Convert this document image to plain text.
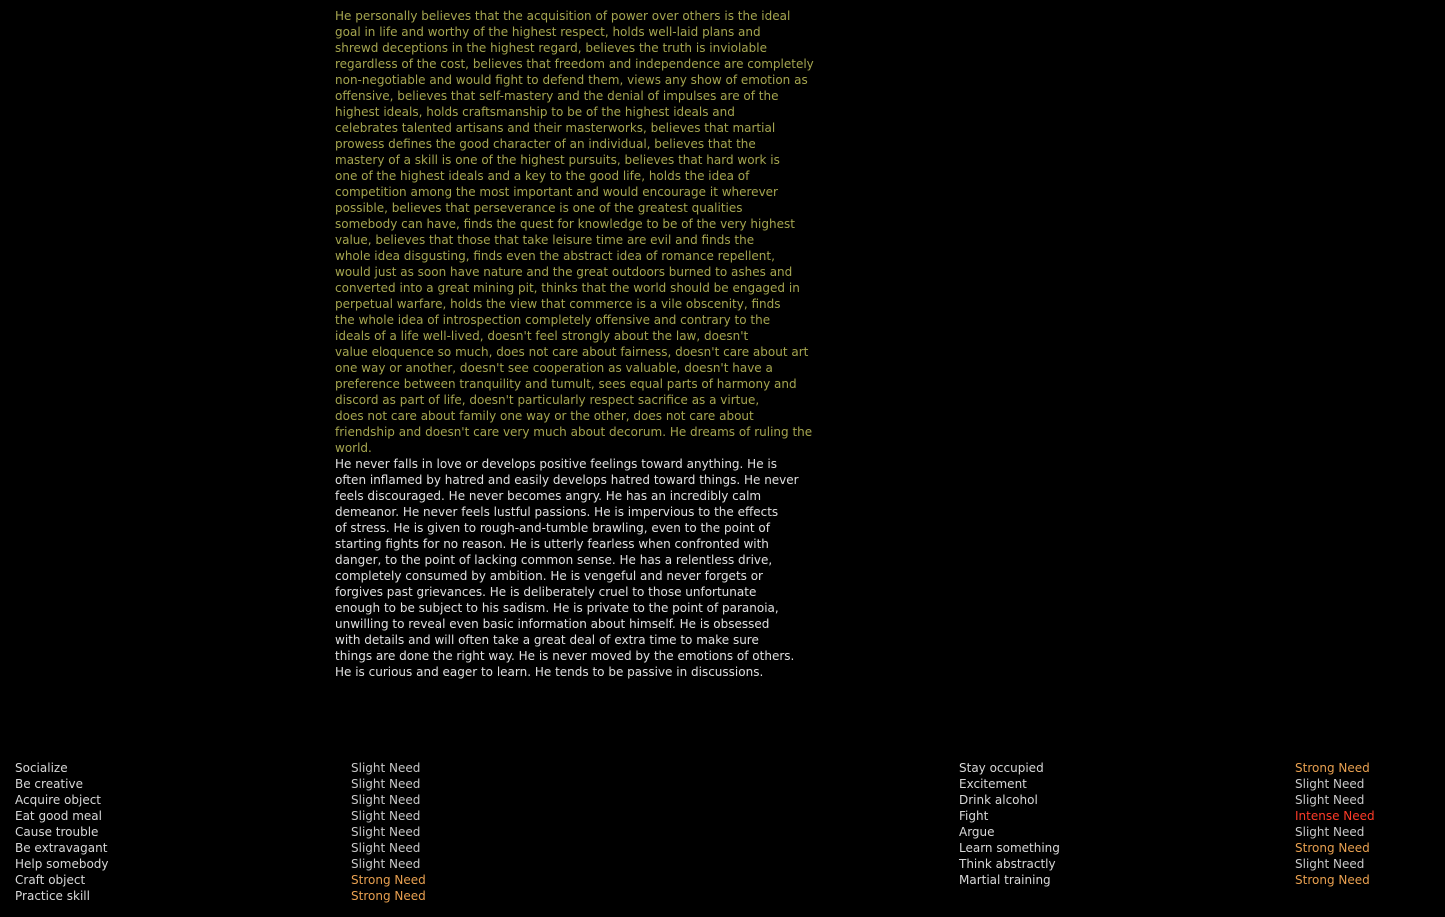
He personally believes that the acquisition of power over others is the ideal
goal in life and worthy of the highest respect, holds well-laid plans and
shrewd deceptions in the highest regard, believes the truth is inviolable
regardless of the cost, believes that freedom and independence are completely
non-negotiable and would fight to defend them, views any show of emotion as
offensive, believes that self-mastery and the denial of impulses are of the
highest ideals, holds craftsmanship to be of the highest ideals and
celebrates talented artisans and their masterworks, believes that martial
prowess defines the good character of an individual, believes that the
mastery of a skill is one of the highest pursuits, believes that hard work is
one of the highest ideals and a key to the good life, holds the idea of
competition among the most important and would encourage it wherever
possible, believes that perseverance is one of the greatest qualities
somebody can have, finds the quest for knowledge to be of the very highest
value, believes that those that take leisure time are evil and finds the
whole idea disgusting, finds even the abstract idea of romance repellent,
would just as soon have nature and the great outdoors burned to ashes and
converted into a great mining pit, thinks that the world should be engaged in
perpetual warfare, holds the view that commerce is a vile obscenity, finds
the whole idea of introspection completely offensive and contrary to the
ideals of a life well-lived, doesn't feel strongly about the law, doesn't
value eloquence so much, does not care about fairness, doesn't care about art
one way or another, doesn't see cooperation as valuable, doesn't have a
preference between tranquility and tumult, sees equal parts of harmony and
discord as part of life, doesn't particularly respect sacrifice as a virtue,
does not care about family one way or the other, does not care about
friendship and doesn't care very much about decorum. He dreams of ruling the
world.
He never falls in love or develops positive feelings toward anything. He is
often inflamed by hatred and easily develops hatred toward things. He never
feels discouraged. He never becomes angry. He has an incredibly calm
demeanor. He never feels lustful passions. He is impervious to the effects
of stress. He is given to rough-and-tumble brawling, even to the point of
starting fights for no reason. He is utterly fearless when confronted with
danger, to the point of lacking common sense. He has a relentless drive,
completely consumed by ambition. He is vengeful and never forgets or
forgives past grievances. He is deliberately cruel to those unfortunate
enough to be subject to his sadism. He is private to the point of paranoia,
unwilling to reveal even basic information about himself. He is obsessed
with details and will often take a great deal of extra time to make sure
things are done the right way. He is never moved by the emotions of others.
He is curious and eager to learn. He tends to be passive in discussions.
Socialize
Be creative
Acquire object
Eat good meal
Cause trouble
Be extravagant
Help somebody
Craft object
Practice skill
Slight Need
Slight Need
Slight Need
Slight Need
Slight Need
Slight Need
Slight Need
Strong Need
Strong Need
Stay occupied
Excitement
Drink alcohol
Fight
Argue
Learn something
Think abstractly
Martial training
Strong Need
Slight Need
Slight Need
Intense Need
Slight Need
Strong Need
Slight Need
Strong Need
